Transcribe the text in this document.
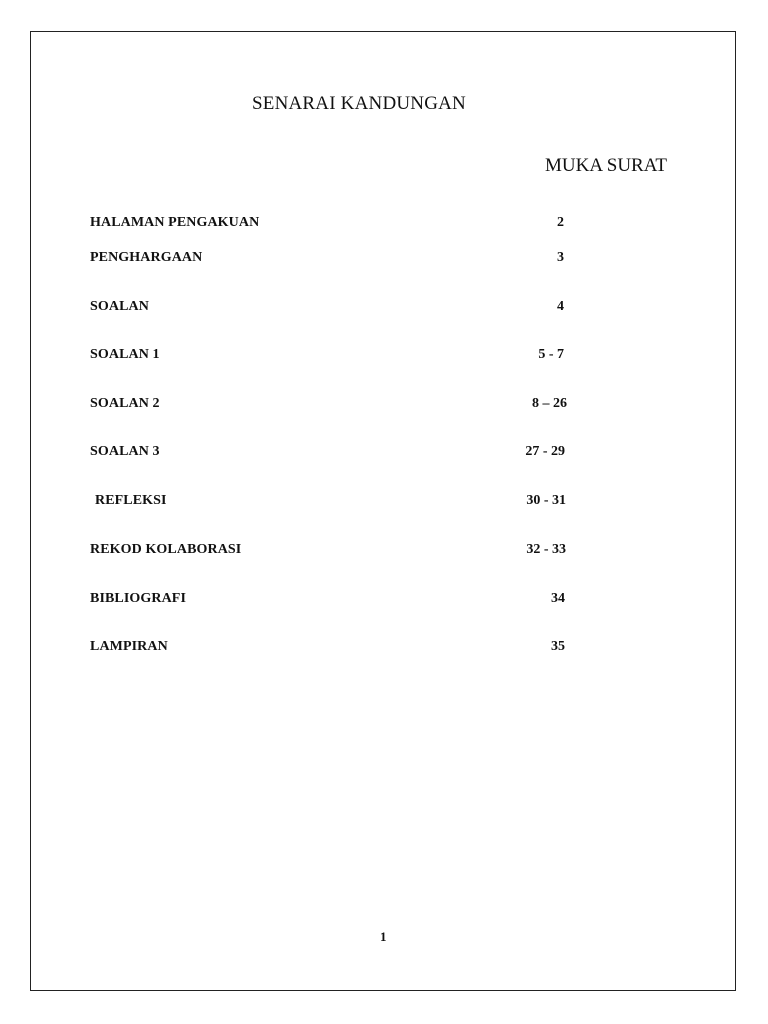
SENARAI KANDUNGAN
MUKA SURAT
HALAMAN PENGAKUAN	2
PENGHARGAAN	3
SOALAN	4
SOALAN 1	5 - 7
SOALAN 2	8 – 26
SOALAN 3	27 - 29
REFLEKSI	30 - 31
REKOD KOLABORASI	32 - 33
BIBLIOGRAFI	34
LAMPIRAN	35
1
